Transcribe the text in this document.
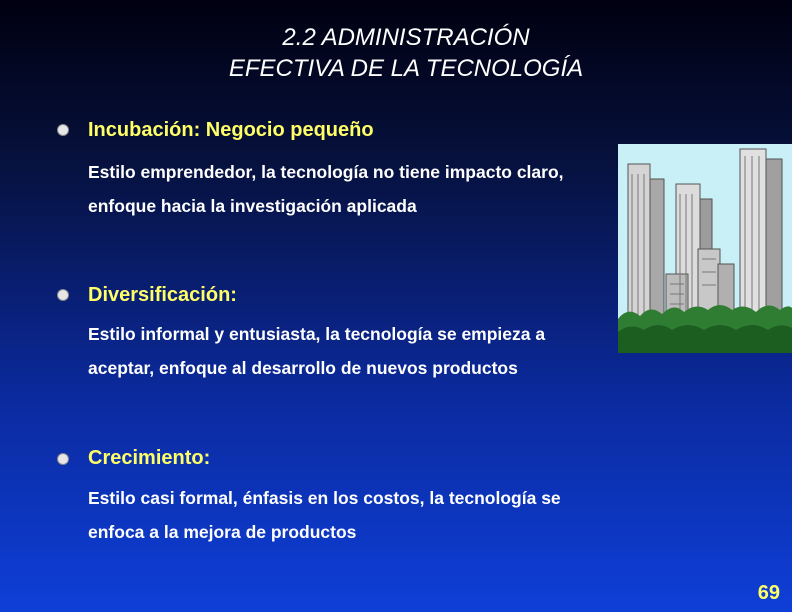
2.2 ADMINISTRACIÓN
EFECTIVA DE LA TECNOLOGÍA
Incubación: Negocio pequeño
Estilo emprendedor, la tecnología no tiene impacto claro,
enfoque hacia la investigación aplicada
Diversificación:
Estilo informal y entusiasta, la tecnología se empieza a
aceptar, enfoque al desarrollo de nuevos productos
Crecimiento:
Estilo casi formal, énfasis en los costos, la tecnología se
enfoca a la mejora de productos
69
